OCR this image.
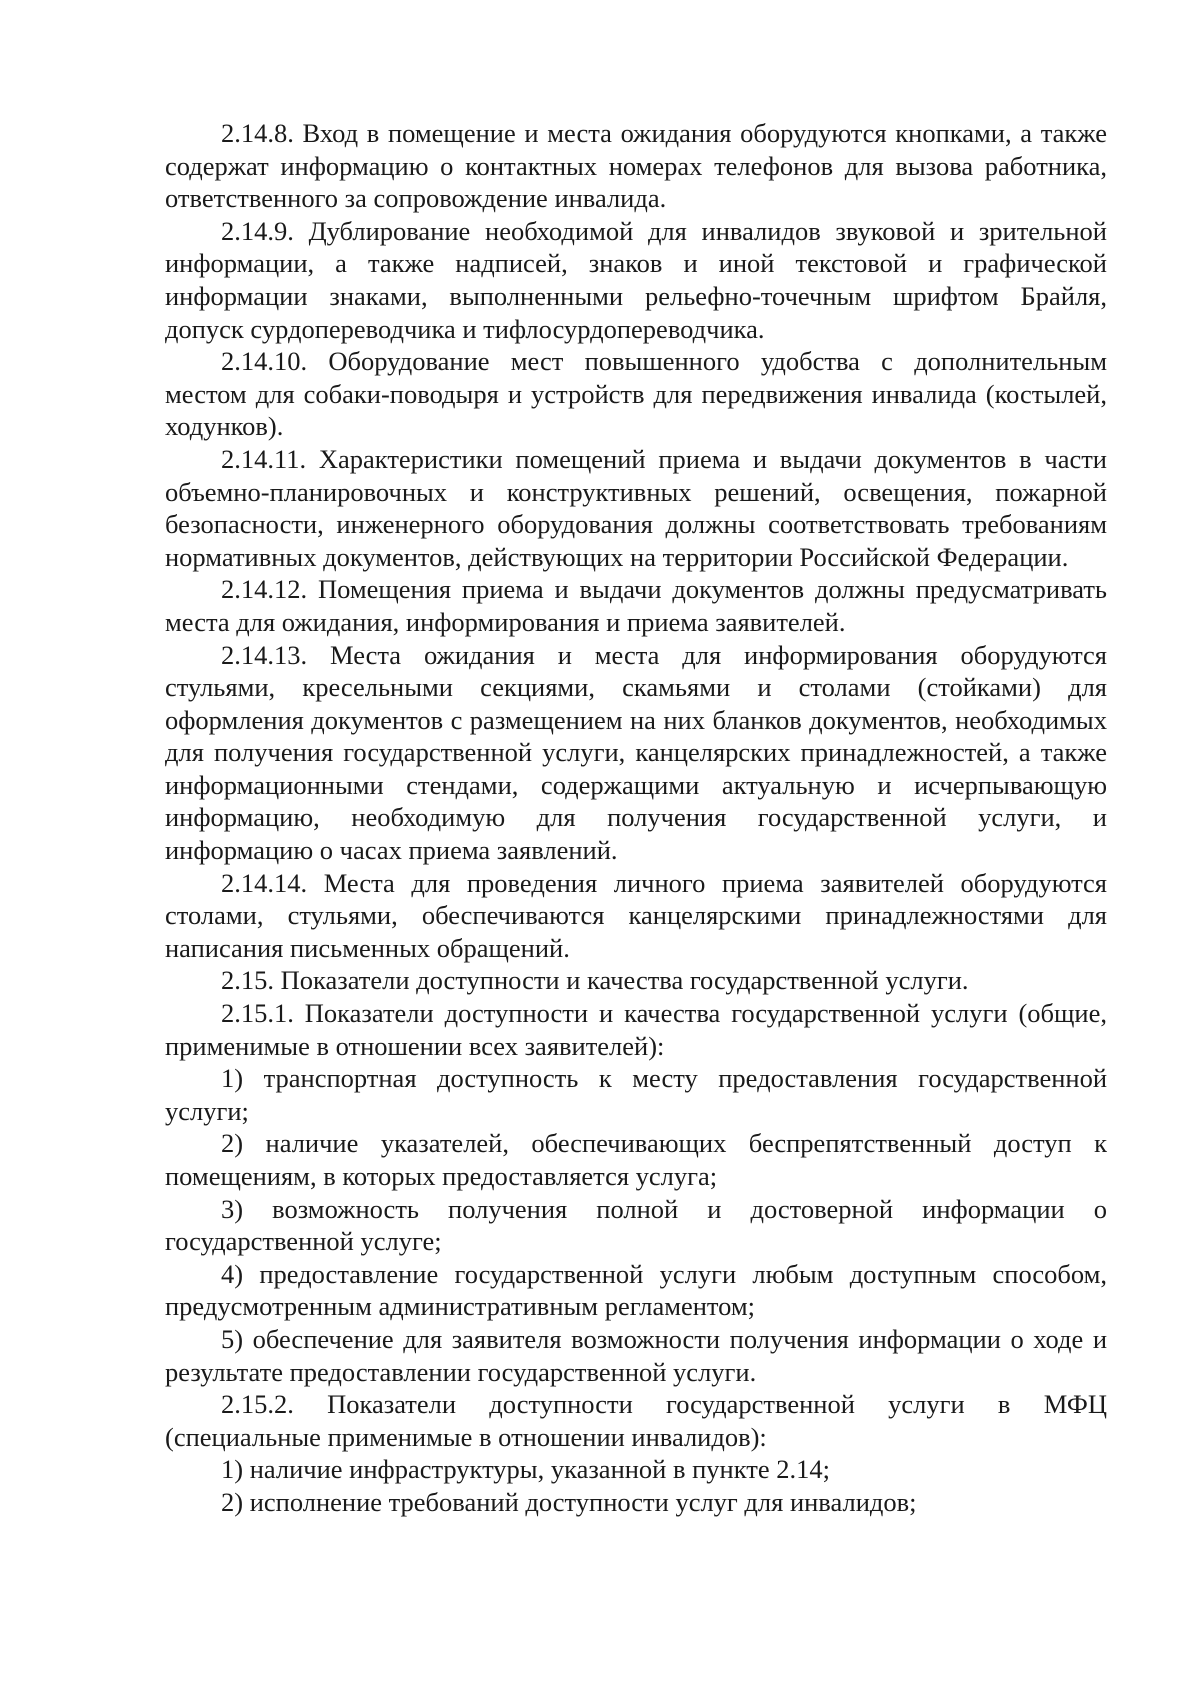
2.14.8. Вход в помещение и места ожидания оборудуются кнопками, а также содержат информацию о контактных номерах телефонов для вызова работника, ответственного за сопровождение инвалида.

2.14.9. Дублирование необходимой для инвалидов звуковой и зрительной информации, а также надписей, знаков и иной текстовой и графической информации знаками, выполненными рельефно-точечным шрифтом Брайля, допуск сурдопереводчика и тифлосурдопереводчика.

2.14.10. Оборудование мест повышенного удобства с дополнительным местом для собаки-поводыря и устройств для передвижения инвалида (костылей, ходунков).

2.14.11. Характеристики помещений приема и выдачи документов в части объемно-планировочных и конструктивных решений, освещения, пожарной безопасности, инженерного оборудования должны соответствовать требованиям нормативных документов, действующих на территории Российской Федерации.

2.14.12. Помещения приема и выдачи документов должны предусматривать места для ожидания, информирования и приема заявителей.

2.14.13. Места ожидания и места для информирования оборудуются стульями, кресельными секциями, скамьями и столами (стойками) для оформления документов с размещением на них бланков документов, необходимых для получения государственной услуги, канцелярских принадлежностей, а также информационными стендами, содержащими актуальную и исчерпывающую информацию, необходимую для получения государственной услуги, и информацию о часах приема заявлений.

2.14.14. Места для проведения личного приема заявителей оборудуются столами, стульями, обеспечиваются канцелярскими принадлежностями для написания письменных обращений.

2.15. Показатели доступности и качества государственной услуги.

2.15.1. Показатели доступности и качества государственной услуги (общие, применимые в отношении всех заявителей):

1) транспортная доступность к месту предоставления государственной услуги;

2) наличие указателей, обеспечивающих беспрепятственный доступ к помещениям, в которых предоставляется услуга;

3) возможность получения полной и достоверной информации о государственной услуге;

4) предоставление государственной услуги любым доступным способом, предусмотренным административным регламентом;

5) обеспечение для заявителя возможности получения информации о ходе и результате предоставлении государственной услуги.

2.15.2. Показатели доступности государственной услуги в МФЦ (специальные применимые в отношении инвалидов):

1) наличие инфраструктуры, указанной в пункте 2.14;

2) исполнение требований доступности услуг для инвалидов;
